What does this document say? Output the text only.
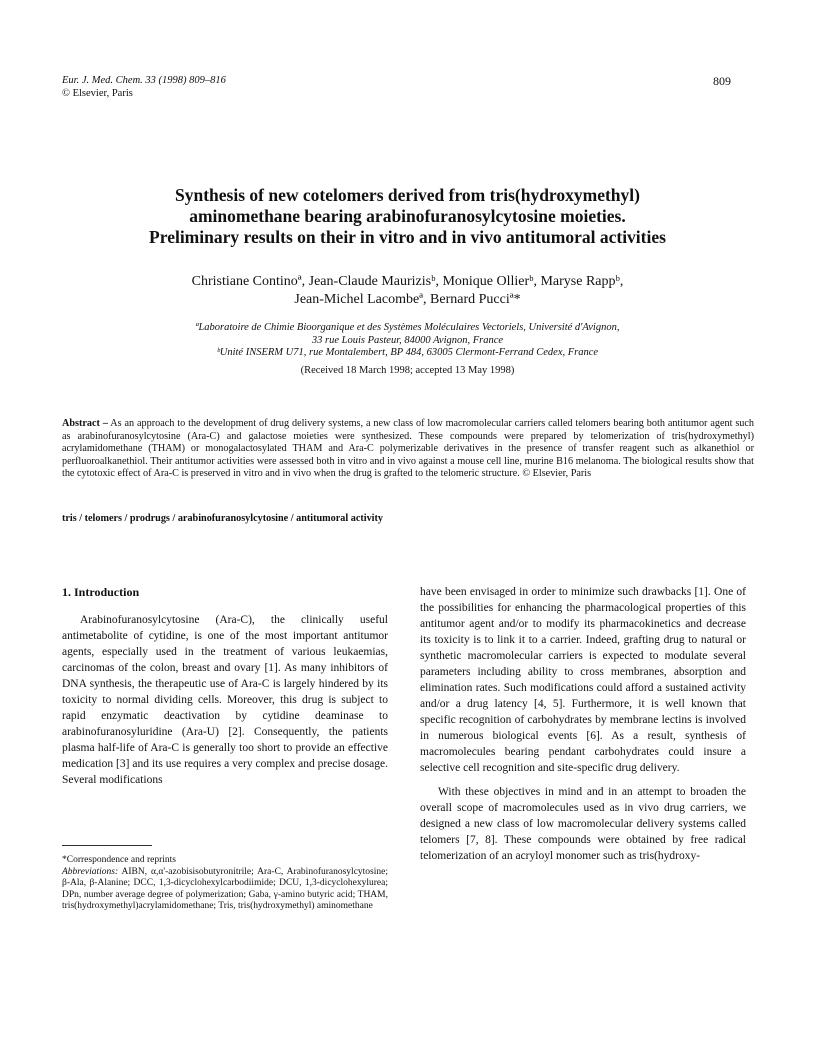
Eur. J. Med. Chem. 33 (1998) 809–816
© Elsevier, Paris
809
Synthesis of new cotelomers derived from tris(hydroxymethyl)
aminomethane bearing arabinofuranosylcytosine moieties.
Preliminary results on their in vitro and in vivo antitumoral activities
Christiane Continoª, Jean-Claude Maurizisᵇ, Monique Ollierᵇ, Maryse Rappᵇ,
Jean-Michel Lacombeª, Bernard Pucciª*
ªLaboratoire de Chimie Bioorganique et des Systèmes Moléculaires Vectoriels, Université d'Avignon,
33 rue Louis Pasteur, 84000 Avignon, France
ᵇUnité INSERM U71, rue Montalembert, BP 484, 63005 Clermont-Ferrand Cedex, France
(Received 18 March 1998; accepted 13 May 1998)
Abstract – As an approach to the development of drug delivery systems, a new class of low macromolecular carriers called telomers bearing both antitumor agent such as arabinofuranosylcytosine (Ara-C) and galactose moieties were synthesized. These compounds were prepared by telomerization of tris(hydroxymethyl) acrylamidomethane (THAM) or monogalactosylated THAM and Ara-C polymerizable derivatives in the presence of transfer reagent such as alkanethiol or perfluoroalkanethiol. Their antitumor activities were assessed both in vitro and in vivo against a mouse cell line, murine B16 melanoma. The biological results show that the cytotoxic effect of Ara-C is preserved in vitro and in vivo when the drug is grafted to the telomeric structure. © Elsevier, Paris
tris / telomers / prodrugs / arabinofuranosylcytosine / antitumoral activity
1. Introduction

Arabinofuranosylcytosine (Ara-C), the clinically useful antimetabolite of cytidine, is one of the most important antitumor agents, especially used in the treatment of various leukaemias, carcinomas of the colon, breast and ovary [1]. As many inhibitors of DNA synthesis, the therapeutic use of Ara-C is largely hindered by its toxicity to normal dividing cells. Moreover, this drug is subject to rapid enzymatic deactivation by cytidine deaminase to arabinofuranosyluridine (Ara-U) [2]. Consequently, the patients plasma half-life of Ara-C is generally too short to provide an effective medication [3] and its use requires a very complex and precise dosage. Several modifications

have been envisaged in order to minimize such drawbacks [1]. One of the possibilities for enhancing the pharmacological properties of this antitumor agent and/or to modify its pharmacokinetics and decrease its toxicity is to link it to a carrier. Indeed, grafting drug to natural or synthetic macromolecular carriers is expected to modulate several parameters including ability to cross membranes, absorption and elimination rates. Such modifications could afford a sustained activity and/or a drug latency [4, 5]. Furthermore, it is well known that specific recognition of carbohydrates by membrane lectins is involved in numerous biological events [6]. As a result, synthesis of macromolecules bearing pendant carbohydrates could insure a selective cell recognition and site-specific drug delivery.

With these objectives in mind and in an attempt to broaden the overall scope of macromolecules used as in vivo drug carriers, we designed a new class of low macromolecular delivery systems called telomers [7, 8]. These compounds were obtained by free radical telomerization of an acryloyl monomer such as tris(hydroxy-

*Correspondence and reprints
Abbreviations: AIBN, α,α'-azobisisobutyronitrile; Ara-C, Arabinofuranosylcytosine; β-Ala, β-Alanine; DCC, 1,3-dicyclohexylcarbodiimide; DCU, 1,3-dicyclohexylurea; DPn, number average degree of polymerization; Gaba, γ-amino butyric acid; THAM, tris(hydroxymethyl)acrylamidomethane; Tris, tris(hydroxymethyl) aminomethane
